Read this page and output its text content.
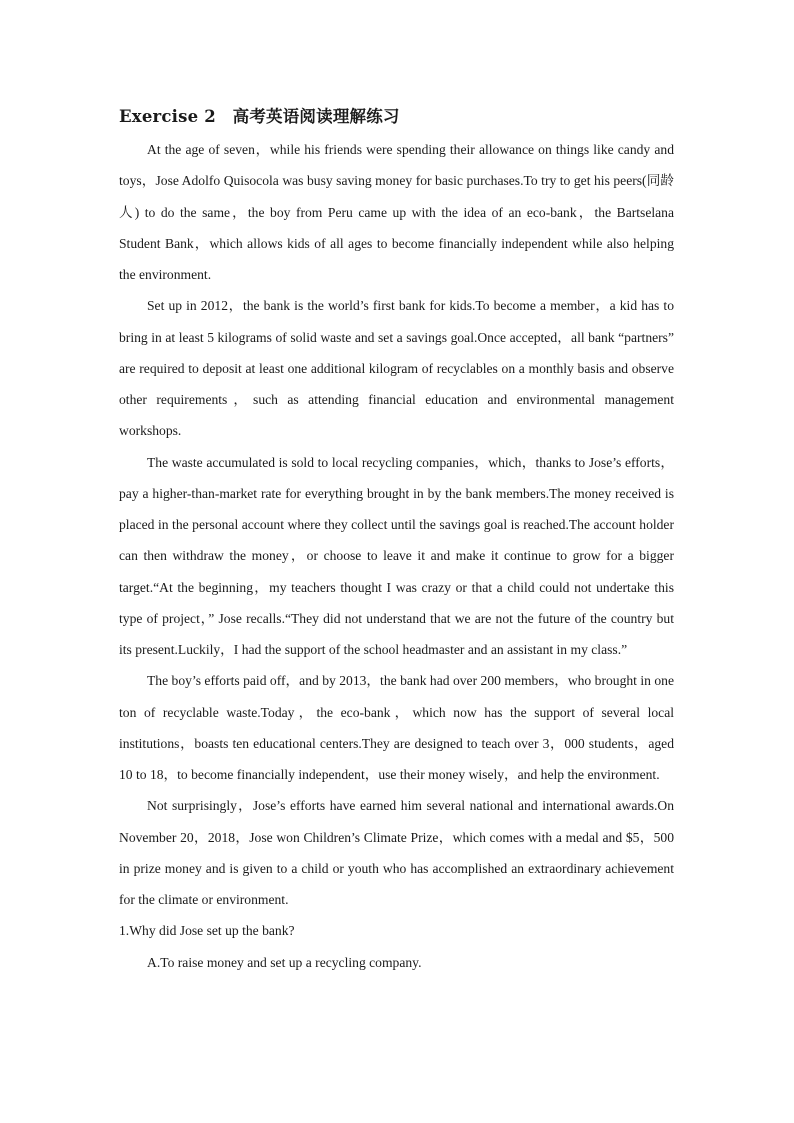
Exercise 2　高考英语阅读理解练习

At the age of seven，while his friends were spending their allowance on things like candy and toys，Jose Adolfo Quisocola was busy saving money for basic purchases.To try to get his peers(同龄人) to do the same，the boy from Peru came up with the idea of an eco-bank，the Bartselana Student Bank，which allows kids of all ages to become financially independent while also helping the environment.

Set up in 2012，the bank is the world’s first bank for kids.To become a member，a kid has to bring in at least 5 kilograms of solid waste and set a savings goal.Once accepted，all bank “partners” are required to deposit at least one additional kilogram of recyclables on a monthly basis and observe other requirements，such as attending financial education and environmental management workshops.

The waste accumulated is sold to local recycling companies，which，thanks to Jose’s efforts，pay a higher-than-market rate for everything brought in by the bank members.The money received is placed in the personal account where they collect until the savings goal is reached.The account holder can then withdraw the money，or choose to leave it and make it continue to grow for a bigger target.“At the beginning，my teachers thought I was crazy or that a child could not undertake this type of project，” Jose recalls.“They did not understand that we are not the future of the country but its present.Luckily，I had the support of the school headmaster and an assistant in my class.”

The boy’s efforts paid off，and by 2013，the bank had over 200 members，who brought in one ton of recyclable waste.Today，the eco-bank，which now has the support of several local institutions，boasts ten educational centers.They are designed to teach over 3，000 students，aged 10 to 18，to become financially independent，use their money wisely，and help the environment.

Not surprisingly，Jose’s efforts have earned him several national and international awards.On November 20，2018，Jose won Children’s Climate Prize，which comes with a medal and $5，500 in prize money and is given to a child or youth who has accomplished an extraordinary achievement for the climate or environment.

1.Why did Jose set up the bank?

A.To raise money and set up a recycling company.
